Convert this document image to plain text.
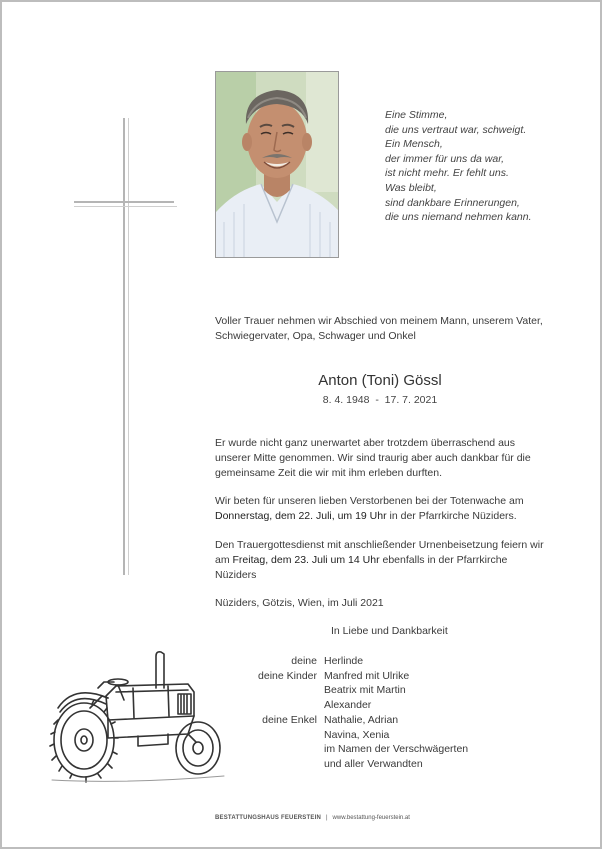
Eine Stimme,
die uns vertraut war, schweigt.
Ein Mensch,
der immer für uns da war,
ist nicht mehr. Er fehlt uns.
Was bleibt,
sind dankbare Erinnerungen,
die uns niemand nehmen kann.
Voller Trauer nehmen wir Abschied von meinem Mann, unserem Vater, Schwiegervater, Opa, Schwager und Onkel
Anton (Toni) Gössl
8. 4. 1948  -  17. 7. 2021
Er wurde nicht ganz unerwartet aber trotzdem überraschend aus unserer Mitte genommen. Wir sind traurig aber auch dankbar für die gemeinsame Zeit die wir mit ihm erleben durften.
Wir beten für unseren lieben Verstorbenen bei der Totenwache am Donnerstag, dem 22. Juli, um 19 Uhr in der Pfarrkirche Nüziders.
Den Trauergottesdienst mit anschließender Urnenbeisetzung feiern wir am Freitag, dem 23. Juli um 14 Uhr ebenfalls in der Pfarrkirche Nüziders
Nüziders, Götzis, Wien, im Juli 2021
In Liebe und Dankbarkeit
deine Herlinde
deine Kinder Manfred mit Ulrike
Beatrix mit Martin
Alexander
deine Enkel Nathalie, Adrian
Navina, Xenia
im Namen der Verschwägerten
und aller Verwandten
BESTATTUNGSHAUS FEUERSTEIN | www.bestattung-feuerstein.at
